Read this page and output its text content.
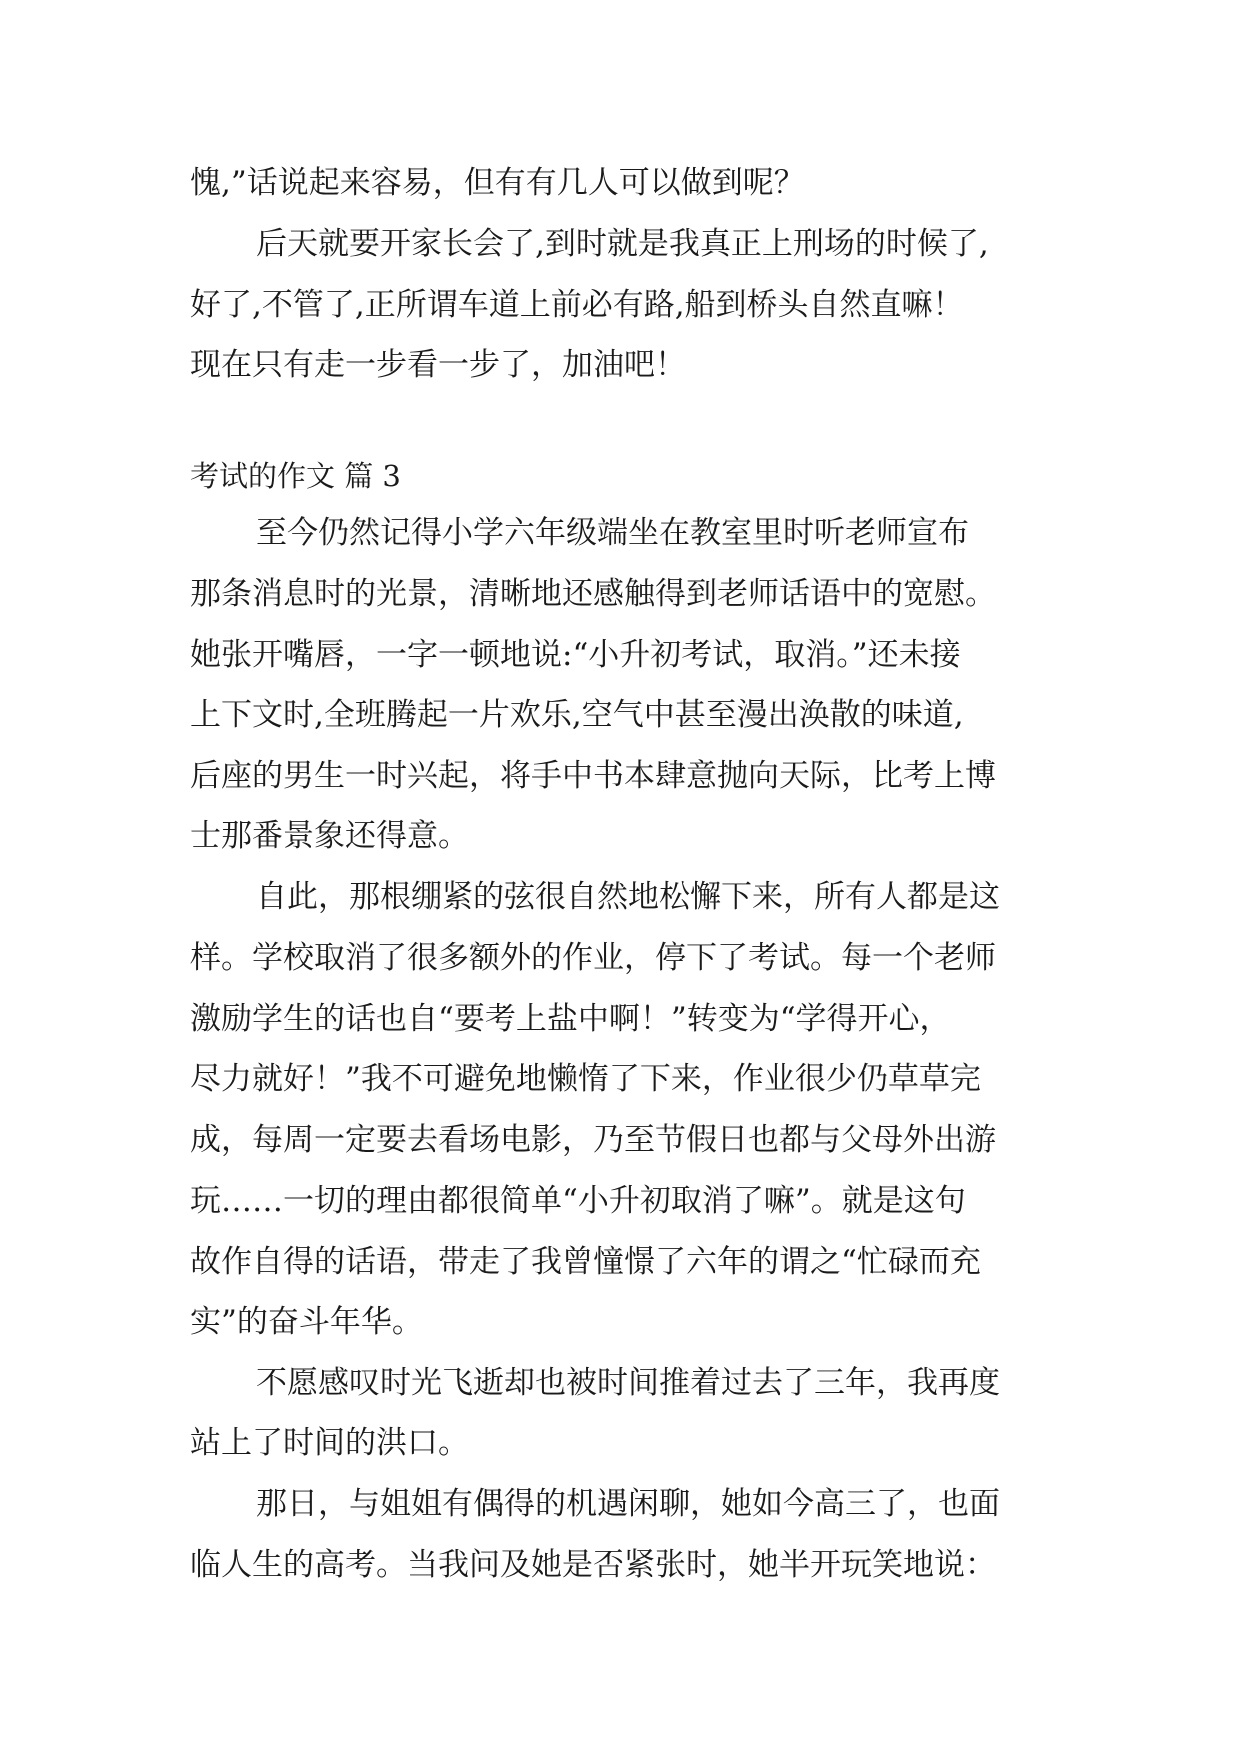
愧,”话说起来容易，但有有几人可以做到呢？
后天就要开家长会了,到时就是我真正上刑场的时候了,
好了,不管了,正所谓车道上前必有路,船到桥头自然直嘛！
现在只有走一步看一步了，加油吧！
考试的作文 篇 3
至今仍然记得小学六年级端坐在教室里时听老师宣布
那条消息时的光景，清晰地还感触得到老师话语中的宽慰。
她张开嘴唇，一字一顿地说:“小升初考试，取消。”还未接
上下文时,全班腾起一片欢乐,空气中甚至漫出涣散的味道,
后座的男生一时兴起，将手中书本肆意抛向天际，比考上博
士那番景象还得意。
自此，那根绷紧的弦很自然地松懈下来，所有人都是这
样。学校取消了很多额外的作业，停下了考试。每一个老师
激励学生的话也自“要考上盐中啊！”转变为“学得开心，
尽力就好！”我不可避免地懒惰了下来，作业很少仍草草完
成，每周一定要去看场电影，乃至节假日也都与父母外出游
玩……一切的理由都很简单“小升初取消了嘛”。就是这句
故作自得的话语，带走了我曾憧憬了六年的谓之“忙碌而充
实”的奋斗年华。
不愿感叹时光飞逝却也被时间推着过去了三年，我再度
站上了时间的洪口。
那日，与姐姐有偶得的机遇闲聊，她如今高三了，也面
临人生的高考。当我问及她是否紧张时，她半开玩笑地说：
